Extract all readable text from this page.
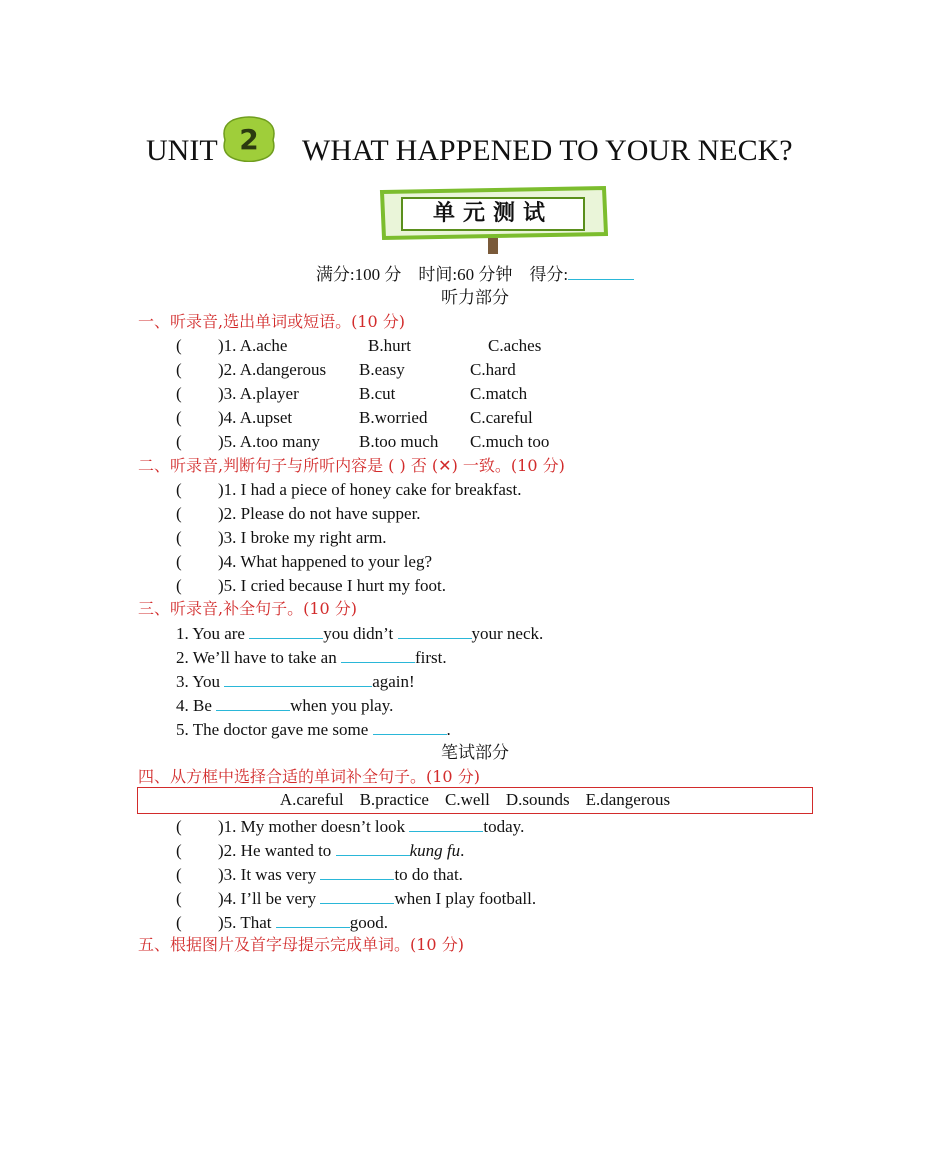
UNIT 2 WHAT HAPPENED TO YOUR NECK?
单元测试
满分:100 分 时间:60 分钟 得分:
听力部分
一、听录音,选出单词或短语。(10 分)
( )1. A.ache	B.hurt	C.aches
( )2. A.dangerous B.easy	C.hard
( )3. A.player	B.cut	C.match
( )4. A.upset	B.worried	C.careful
( )5. A.too many B.too much C.much too
二、听录音,判断句子与所听内容是 ( ) 否 (✕) 一致。(10 分)
( )1. I had a piece of honey cake for breakfast.
( )2. Please do not have supper.
( )3. I broke my right arm.
( )4. What happened to your leg?
( )5. I cried because I hurt my foot.
三、听录音,补全句子。(10 分)
1. You are	you didn’t	your neck.
2. We’ll have to take an	first.
3. You	again!
4. Be	when you play.
5. The doctor gave me some	.
笔试部分
四、从方框中选择合适的单词补全句子。(10 分)
A.careful B.practice C.well D.sounds E.dangerous
( )1. My mother doesn’t look	today.
( )2. He wanted to	kung fu.
( )3. It was very	to do that.
( )4. I’ll be very	when I play football.
( )5. That	good.
五、根据图片及首字母提示完成单词。(10 分)
